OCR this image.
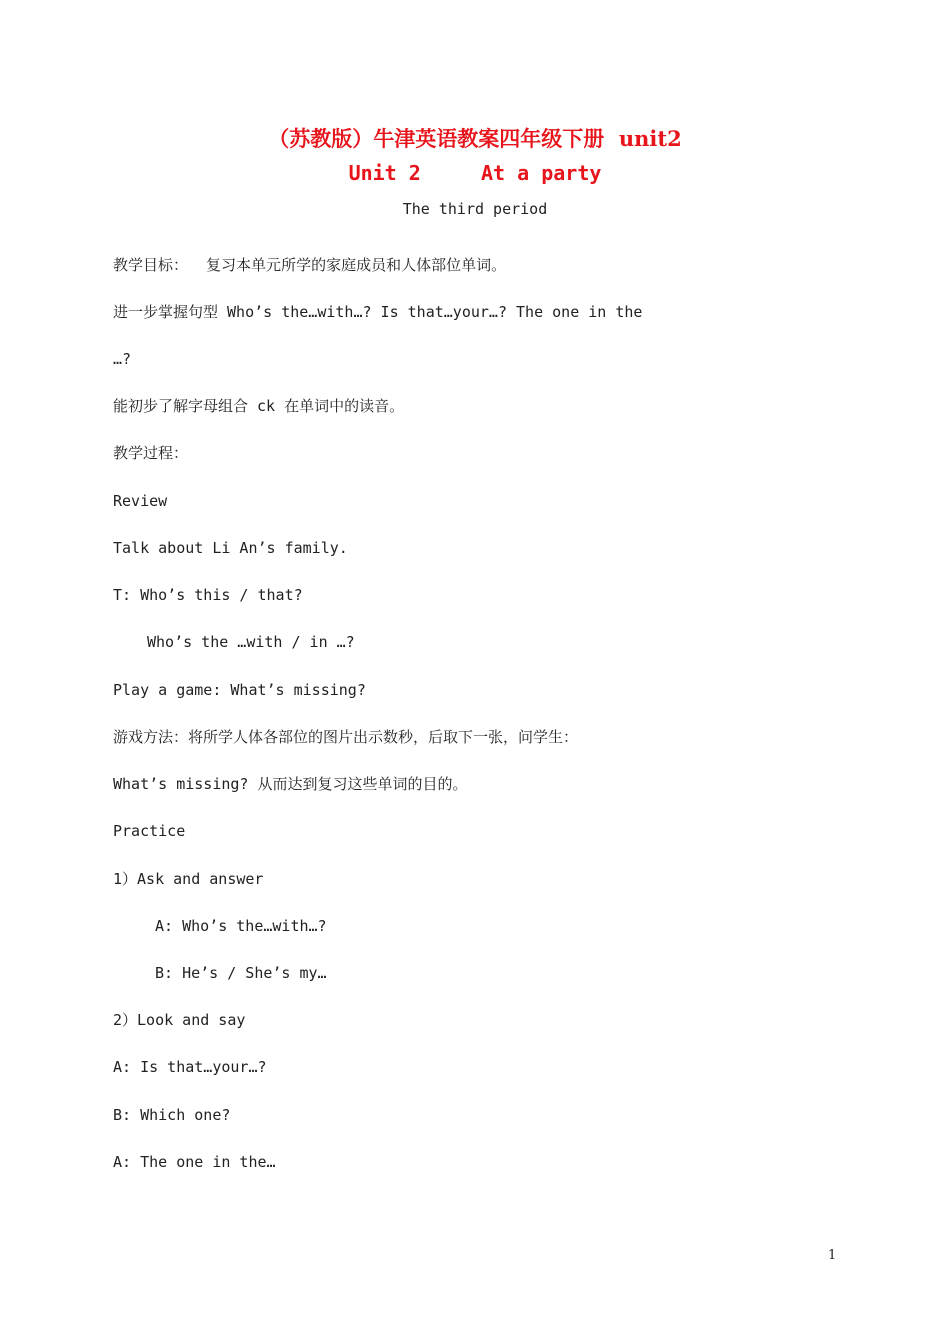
（苏教版）牛津英语教案四年级下册  unit2
Unit 2     At a party
The third period
教学目标：  复习本单元所学的家庭成员和人体部位单词。
进一步掌握句型 Who’s the…with…? Is that…your…? The one in the
…?
能初步了解字母组合 ck 在单词中的读音。
教学过程：
Review
Talk about Li An’s family.
T: Who’s this / that?
Who’s the …with / in …?
Play a game: What’s missing?
游戏方法：将所学人体各部位的图片出示数秒，后取下一张，问学生：
What’s missing? 从而达到复习这些单词的目的。
Practice
1）Ask and answer
A: Who’s the…with…?
B: He’s / She’s my…
2）Look and say
A: Is that…your…?
B: Which one?
A: The one in the…
1
